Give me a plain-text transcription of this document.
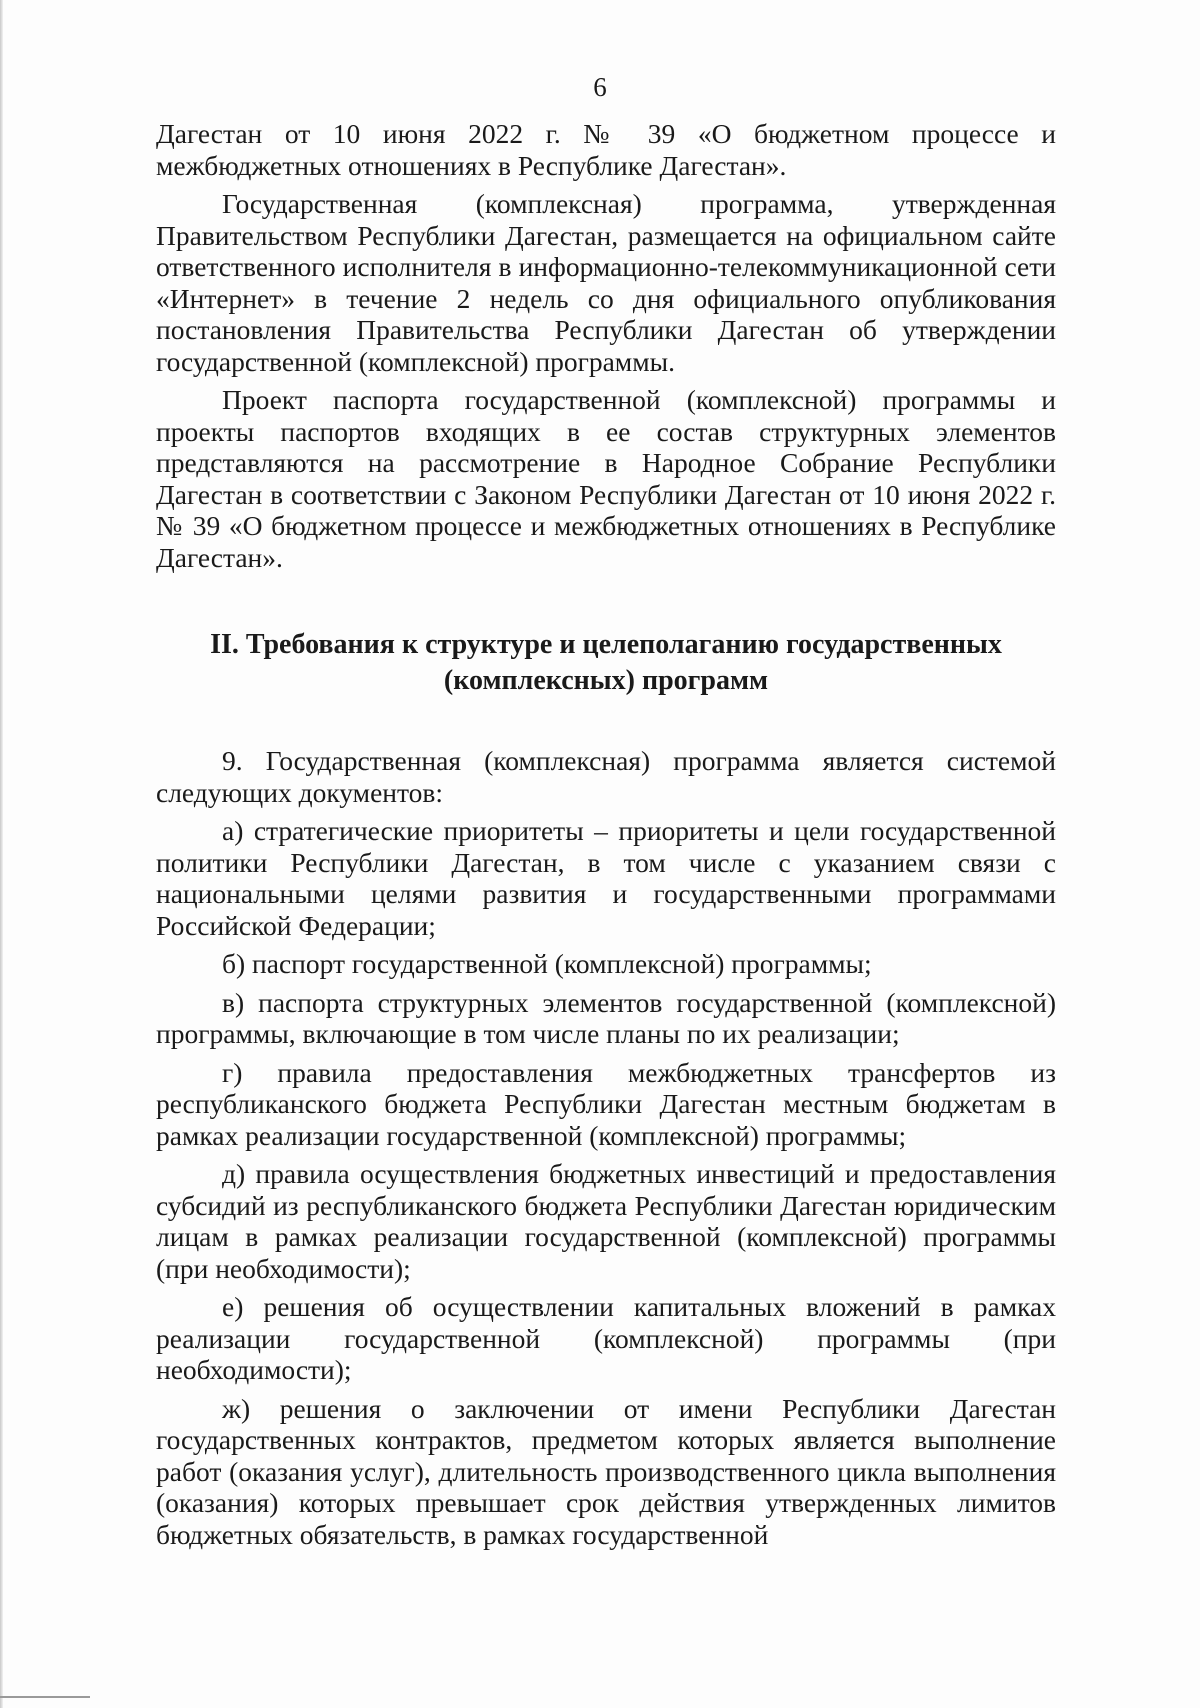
6

Дагестан от 10 июня 2022 г. № 39 «О бюджетном процессе и межбюджетных отношениях в Республике Дагестан».

Государственная (комплексная) программа, утвержденная Правительством Республики Дагестан, размещается на официальном сайте ответственного исполнителя в информационно-телекоммуникационной сети «Интернет» в течение 2 недель со дня официального опубликования постановления Правительства Республики Дагестан об утверждении государственной (комплексной) программы.

Проект паспорта государственной (комплексной) программы и проекты паспортов входящих в ее состав структурных элементов представляются на рассмотрение в Народное Собрание Республики Дагестан в соответствии с Законом Республики Дагестан от 10 июня 2022 г. № 39 «О бюджетном процессе и межбюджетных отношениях в Республике Дагестан».

II. Требования к структуре и целеполаганию государственных
(комплексных) программ

9. Государственная (комплексная) программа является системой следующих документов:

а) стратегические приоритеты – приоритеты и цели государственной политики Республики Дагестан, в том числе с указанием связи с национальными целями развития и государственными программами Российской Федерации;

б) паспорт государственной (комплексной) программы;

в) паспорта структурных элементов государственной (комплексной) программы, включающие в том числе планы по их реализации;

г) правила предоставления межбюджетных трансфертов из республиканского бюджета Республики Дагестан местным бюджетам в рамках реализации государственной (комплексной) программы;

д) правила осуществления бюджетных инвестиций и предоставления субсидий из республиканского бюджета Республики Дагестан юридическим лицам в рамках реализации государственной (комплексной) программы (при необходимости);

е) решения об осуществлении капитальных вложений в рамках реализации государственной (комплексной) программы (при необходимости);

ж) решения о заключении от имени Республики Дагестан государственных контрактов, предметом которых является выполнение работ (оказания услуг), длительность производственного цикла выполнения (оказания) которых превышает срок действия утвержденных лимитов бюджетных обязательств, в рамках государственной
